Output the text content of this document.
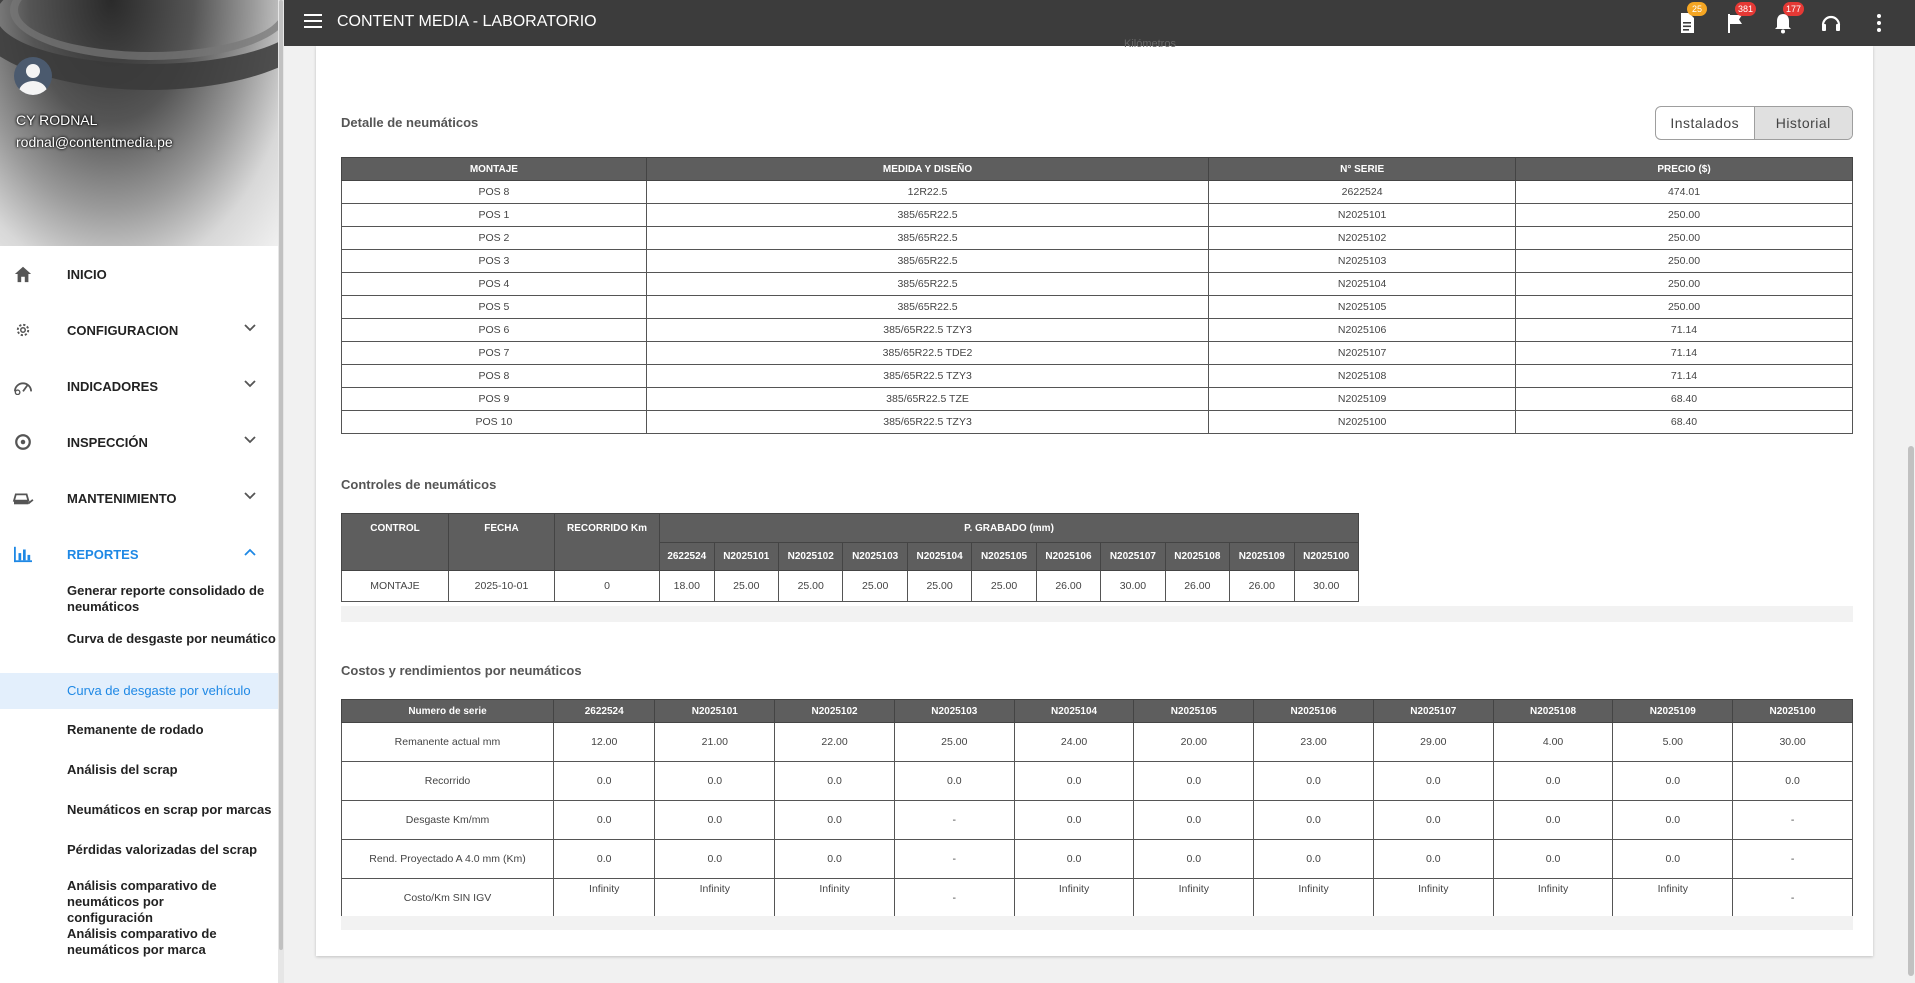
CY RODNAL
rodnal@contentmedia.pe
INICIO
CONFIGURACION
INDICADORES
INSPECCIÓN
MANTENIMIENTO
REPORTES
Generar reporte consolidado de neumáticos
Curva de desgaste por neumático
Curva de desgaste por vehículo
Remanente de rodado
Análisis del scrap
Neumáticos en scrap por marcas
Pérdidas valorizadas del scrap
Análisis comparativo de neumáticos por configuración
Análisis comparativo de neumáticos por marca
CONTENT MEDIA - LABORATORIO
25	381	177
Kilómetros
Detalle de neumáticos	Instalados	Historial
MONTAJE	MEDIDA Y DISEÑO	N° SERIE	PRECIO ($)
POS 8	12R22.5	2622524	474.01
POS 1	385/65R22.5	N2025101	250.00
POS 2	385/65R22.5	N2025102	250.00
POS 3	385/65R22.5	N2025103	250.00
POS 4	385/65R22.5	N2025104	250.00
POS 5	385/65R22.5	N2025105	250.00
POS 6	385/65R22.5 TZY3	N2025106	71.14
POS 7	385/65R22.5 TDE2	N2025107	71.14
POS 8	385/65R22.5 TZY3	N2025108	71.14
POS 9	385/65R22.5 TZE	N2025109	68.40
POS 10	385/65R22.5 TZY3	N2025100	68.40
Controles de neumáticos
CONTROL	FECHA	RECORRIDO Km	P. GRABADO (mm)										
			2622524	N2025101	N2025102	N2025103	N2025104	N2025105	N2025106	N2025107	N2025108	N2025109	N2025100
MONTAJE	2025-10-01	0	18.00	25.00	25.00	25.00	25.00	25.00	26.00	30.00	26.00	26.00	30.00
Costos y rendimientos por neumáticos
Numero de serie	2622524	N2025101	N2025102	N2025103	N2025104	N2025105	N2025106	N2025107	N2025108	N2025109	N2025100
Remanente actual mm	12.00	21.00	22.00	25.00	24.00	20.00	23.00	29.00	4.00	5.00	30.00
Recorrido	0.0	0.0	0.0	0.0	0.0	0.0	0.0	0.0	0.0	0.0	0.0
Desgaste Km/mm	0.0	0.0	0.0	-	0.0	0.0	0.0	0.0	0.0	0.0	-
Rend. Proyectado A 4.0 mm (Km)	0.0	0.0	0.0	-	0.0	0.0	0.0	0.0	0.0	0.0	-
Costo/Km SIN IGV	Infinity	Infinity	Infinity	-	Infinity	Infinity	Infinity	Infinity	Infinity	Infinity	-
